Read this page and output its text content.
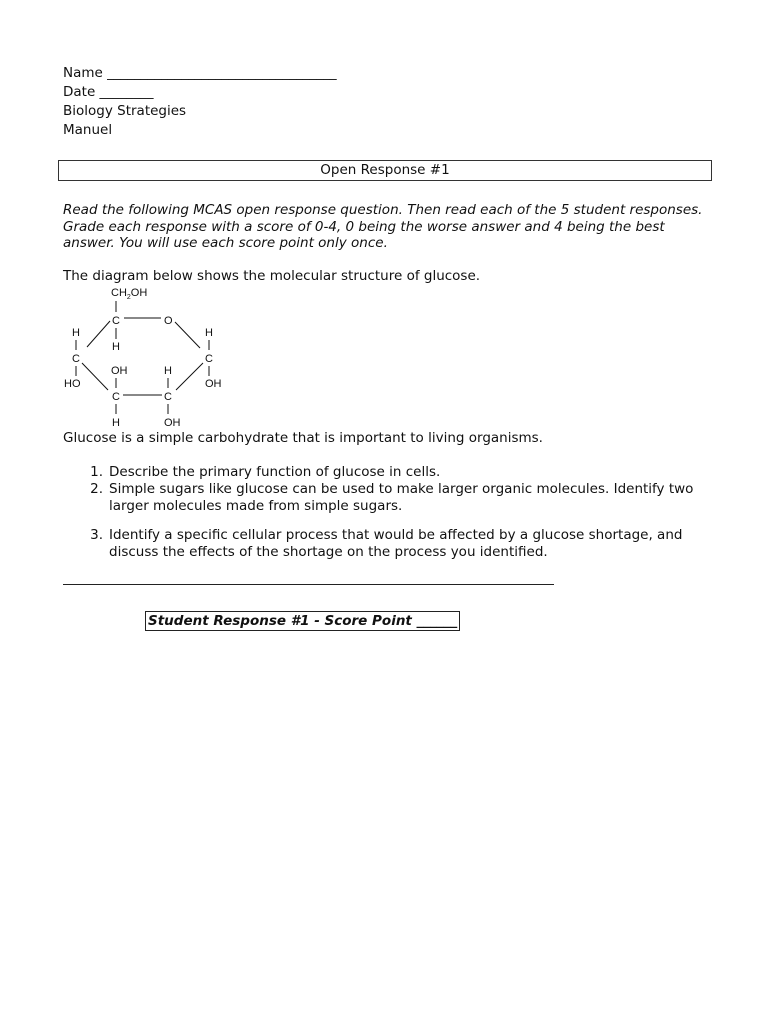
Name __________________________________
Date ________
Biology Strategies
Manuel
Open Response #1
Read the following MCAS open response question. Then read each of the 5 student responses. Grade each response with a score of 0-4, 0 being the worse answer and 4 being the best answer. You will use each score point only once.
The diagram below shows the molecular structure of glucose.
$CH_2OH$
C	O
H
H
C
HO
H
C
OH
OH
C
H
C
H	OH
Glucose is a simple carbohydrate that is important to living organisms.
1. Describe the primary function of glucose in cells.
2. Simple sugars like glucose can be used to make larger organic molecules. Identify two larger molecules made from simple sugars.
3. Identify a specific cellular process that would be affected by a glucose shortage, and discuss the effects of the shortage on the process you identified.
Student Response #1 - Score Point ______
